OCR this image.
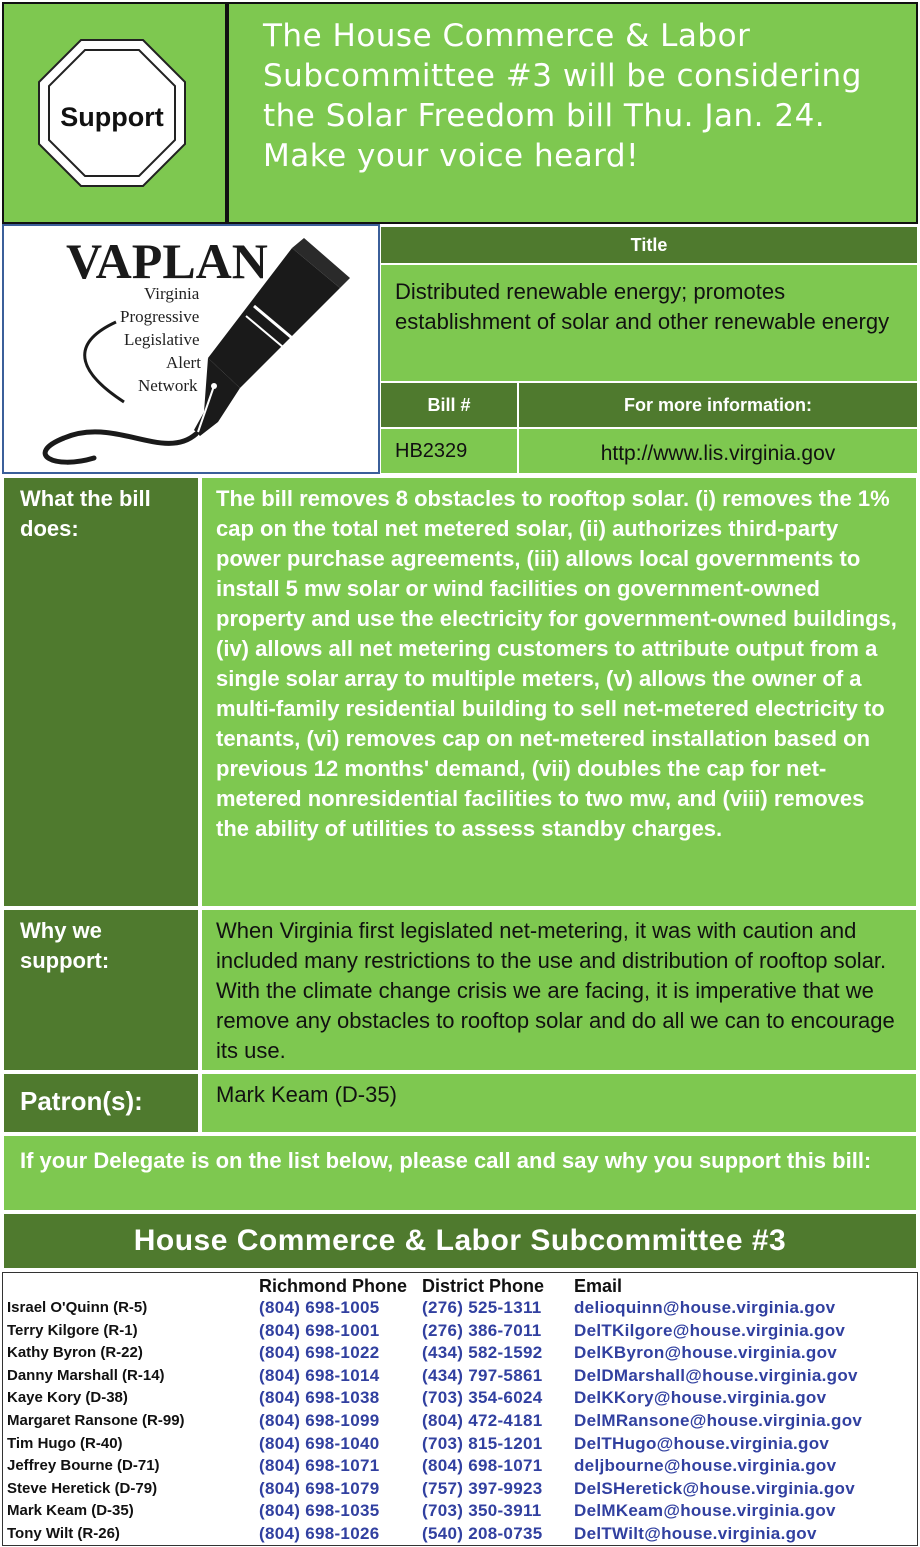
Support
The House Commerce & Labor Subcommittee #3 will be considering the Solar Freedom bill Thu. Jan. 24. Make your voice heard!
VAPLAN
Virginia
Progressive
Legislative
Alert
Network
Title
Distributed renewable energy; promotes establishment of solar and other renewable energy
Bill #	For more information:
HB2329	http://www.lis.virginia.gov
What the bill does:
The bill removes 8 obstacles to rooftop solar. (i) removes the 1% cap on the total net metered solar, (ii) authorizes third-party power purchase agreements, (iii) allows local governments to install 5 mw solar or wind facilities on government-owned property and use the electricity for government-owned buildings, (iv) allows all net metering customers to attribute output from a single solar array to multiple meters, (v) allows the owner of a multi-family residential building to sell net-metered electricity to tenants, (vi) removes cap on net-metered installation based on previous 12 months' demand, (vii) doubles the cap for net-metered nonresidential facilities to two mw, and (viii) removes the ability of utilities to assess standby charges.
Why we support:
When Virginia first legislated net-metering, it was with caution and included many restrictions to the use and distribution of rooftop solar. With the climate change crisis we are facing, it is imperative that we remove any obstacles to rooftop solar and do all we can to encourage its use.
Patron(s):	Mark Keam (D-35)
If your Delegate is on the list below, please call and say why you support this bill:
House Commerce & Labor Subcommittee #3
Richmond Phone District Phone Email
Israel O'Quinn (R-5)	(804) 698-1005	(276) 525-1311 delioquinn@house.virginia.gov
Terry Kilgore (R-1)	(804) 698-1001	(276) 386-7011 DelTKilgore@house.virginia.gov
Kathy Byron (R-22)	(804) 698-1022	(434) 582-1592 DelKByron@house.virginia.gov
Danny Marshall (R-14)	(804) 698-1014	(434) 797-5861 DelDMarshall@house.virginia.gov
Kaye Kory (D-38)	(804) 698-1038	(703) 354-6024 DelKKory@house.virginia.gov
Margaret Ransone (R-99)	(804) 698-1099	(804) 472-4181 DelMRansone@house.virginia.gov
Tim Hugo (R-40)	(804) 698-1040	(703) 815-1201 DelTHugo@house.virginia.gov
Jeffrey Bourne (D-71)	(804) 698-1071	(804) 698-1071 deljbourne@house.virginia.gov
Steve Heretick (D-79)	(804) 698-1079	(757) 397-9923 DelSHeretick@house.virginia.gov
Mark Keam (D-35)	(804) 698-1035	(703) 350-3911 DelMKeam@house.virginia.gov
Tony Wilt (R-26)	(804) 698-1026	(540) 208-0735 DelTWilt@house.virginia.gov
